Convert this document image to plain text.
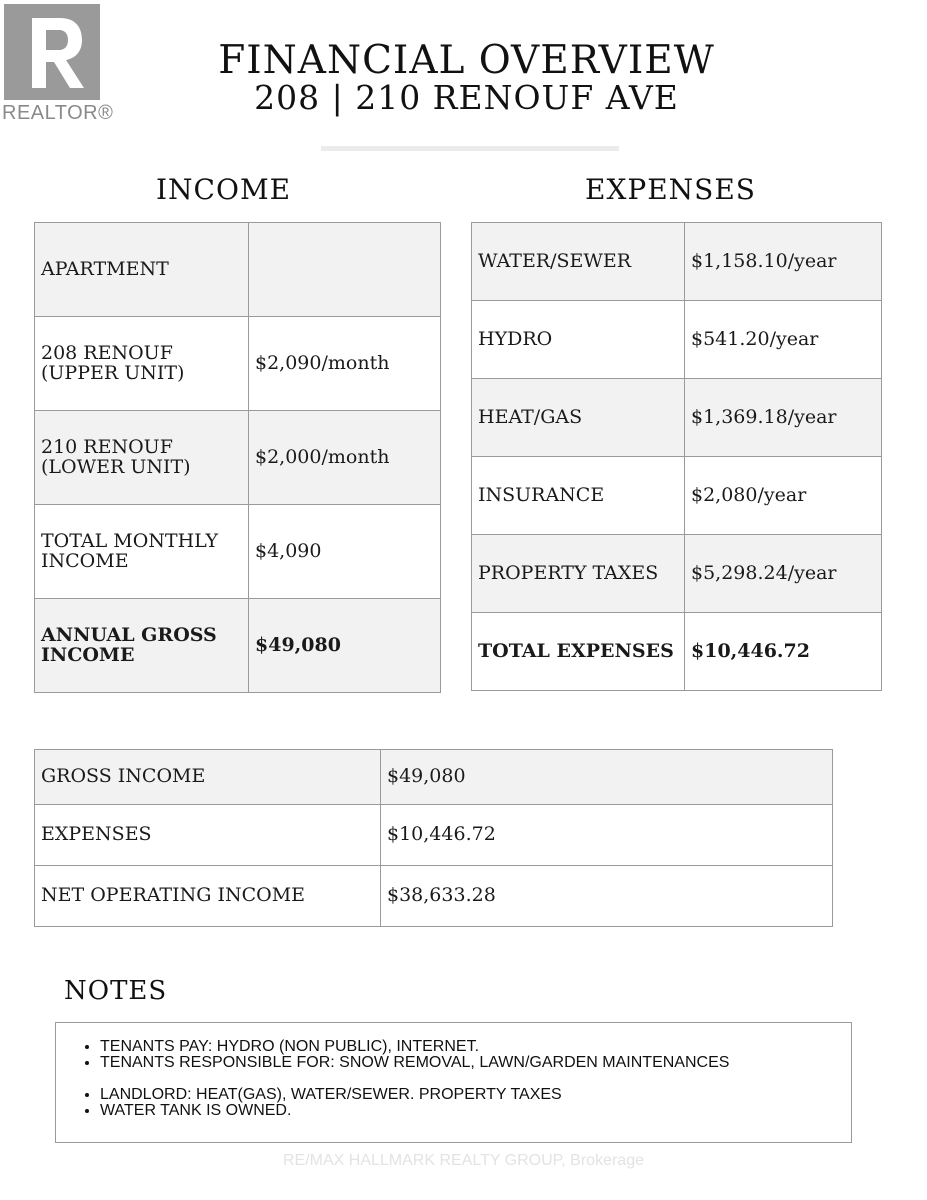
REALTOR®
FINANCIAL OVERVIEW
208 | 210 RENOUF AVE
INCOME	EXPENSES
APARTMENT	
208 RENOUF (UPPER UNIT)	$2,090/month
210 RENOUF (LOWER UNIT)	$2,000/month
TOTAL MONTHLY INCOME	$4,090
ANNUAL GROSS INCOME	$49,080
WATER/SEWER	$1,158.10/year
HYDRO	$541.20/year
HEAT/GAS	$1,369.18/year
INSURANCE	$2,080/year
PROPERTY TAXES	$5,298.24/year
TOTAL EXPENSES	$10,446.72
GROSS INCOME	$49,080
EXPENSES	$10,446.72
NET OPERATING INCOME	$38,633.28
NOTES
• TENANTS PAY: HYDRO (NON PUBLIC), INTERNET.
• TENANTS RESPONSIBLE FOR: SNOW REMOVAL, LAWN/GARDEN MAINTENANCES
• LANDLORD: HEAT(GAS), WATER/SEWER. PROPERTY TAXES
• WATER TANK IS OWNED.
RE/MAX HALLMARK REALTY GROUP, Brokerage
